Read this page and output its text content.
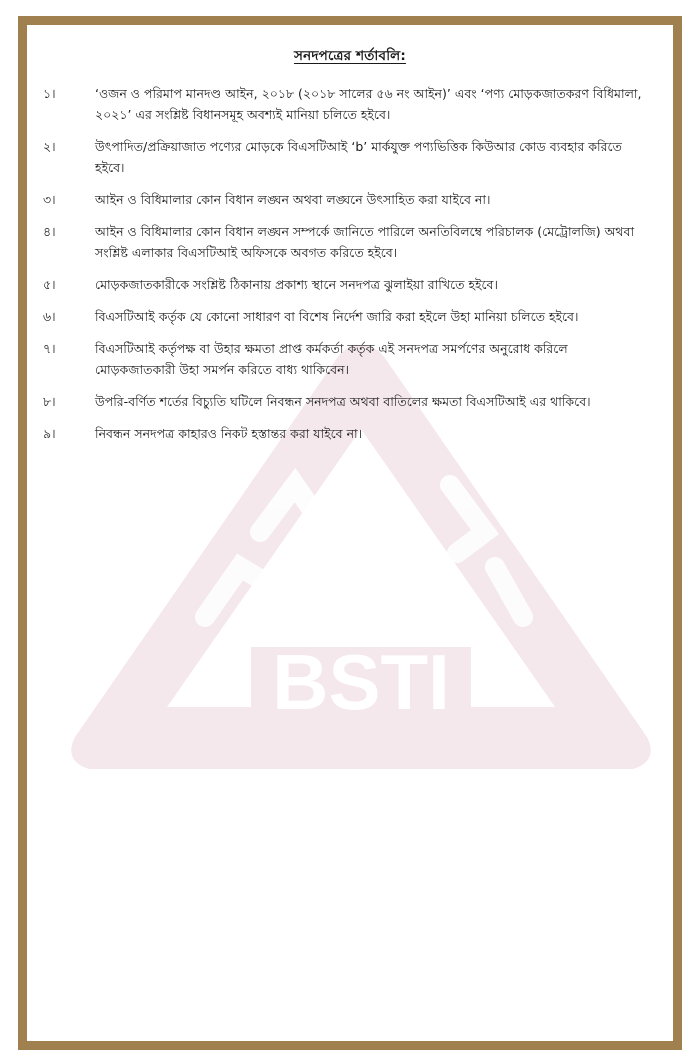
BSTI
সনদপত্রের শর্তাবলি:
১।	‘ওজন ও পরিমাপ মানদণ্ড আইন, ২০১৮ (২০১৮ সালের ৫৬ নং আইন)’ এবং ‘পণ্য মোড়কজাতকরণ বিধিমালা, ২০২১’ এর সংশ্লিষ্ট বিধানসমূহ অবশ্যই মানিয়া চলিতে হইবে।
২।	উৎপাদিত/প্রক্রিয়াজাত পণ্যের মোড়কে বিএসটিআই ‘b’ মার্কযুক্ত পণ্যভিত্তিক কিউআর কোড ব্যবহার করিতে হইবে।
৩।	আইন ও বিধিমালার কোন বিধান লঙ্ঘন অথবা লঙ্ঘনে উৎসাহিত করা যাইবে না।
৪।	আইন ও বিধিমালার কোন বিধান লঙ্ঘন সম্পর্কে জানিতে পারিলে অনতিবিলম্বে পরিচালক (মেট্রোলজি) অথবা সংশ্লিষ্ট এলাকার বিএসটিআই অফিসকে অবগত করিতে হইবে।
৫।	মোড়কজাতকারীকে সংশ্লিষ্ট ঠিকানায় প্রকাশ্য স্থানে সনদপত্র ঝুলাইয়া রাখিতে হইবে।
৬।	বিএসটিআই কর্তৃক যে কোনো সাধারণ বা বিশেষ নির্দেশ জারি করা হইলে উহা মানিয়া চলিতে হইবে।
৭।	বিএসটিআই কর্তৃপক্ষ বা উহার ক্ষমতা প্রাপ্ত কর্মকর্তা কর্তৃক এই সনদপত্র সমর্পণের অনুরোধ করিলে মোড়কজাতকারী উহা সমর্পন করিতে বাধ্য থাকিবেন।
৮।	উপরি-বর্ণিত শর্তের বিচ্যুতি ঘটিলে নিবন্ধন সনদপত্র অথবা বাতিলের ক্ষমতা বিএসটিআই এর থাকিবে।
৯।	নিবন্ধন সনদপত্র কাহারও নিকট হস্তান্তর করা যাইবে না।
